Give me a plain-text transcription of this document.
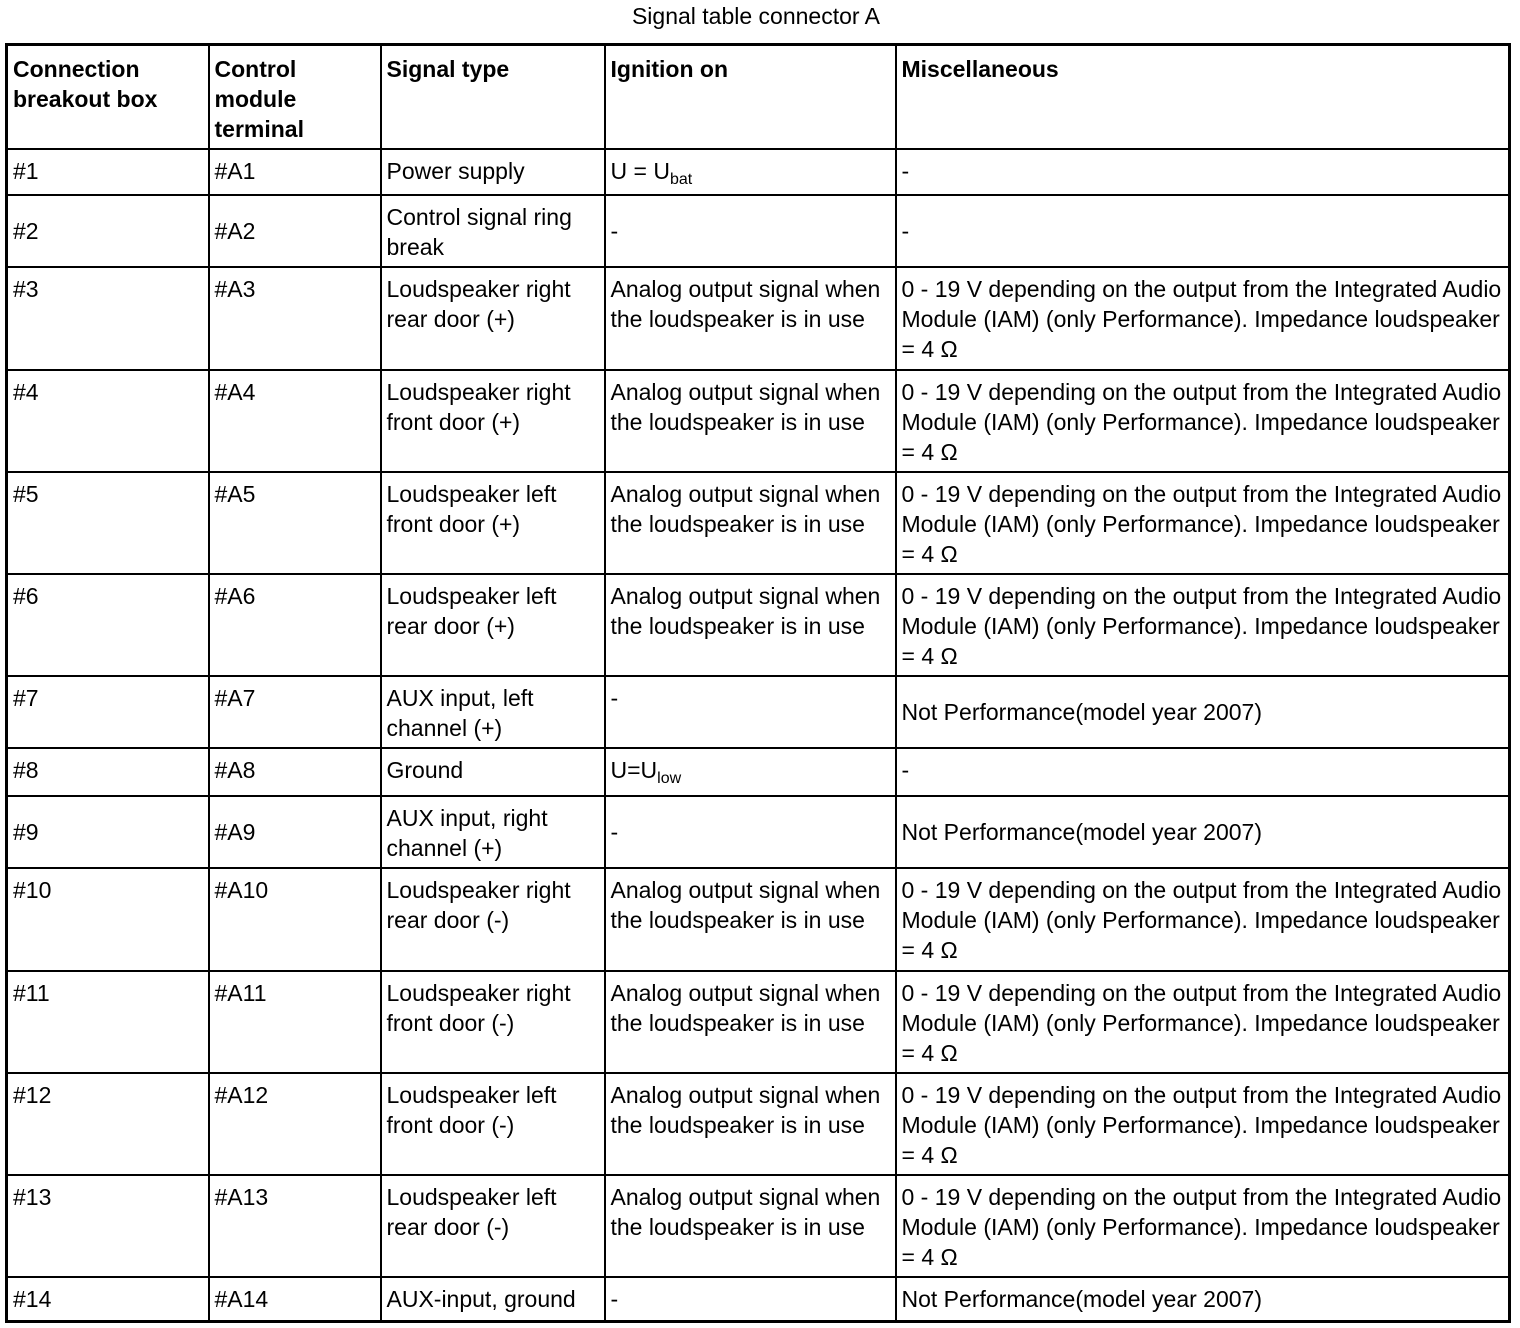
Signal table connector A
Connection breakout box	Control module terminal	Signal type	Ignition on	Miscellaneous
#1	#A1	Power supply	$U = U_{bat}$	-
#2	#A2	Control signal ring break	-	-
#3	#A3	Loudspeaker right rear door (+)	Analog output signal when the loudspeaker is in use	0 - 19 V depending on the output from the Integrated Audio Module (IAM) (only Performance). Impedance loudspeaker = 4 Ω
#4	#A4	Loudspeaker right front door (+)	Analog output signal when the loudspeaker is in use	0 - 19 V depending on the output from the Integrated Audio Module (IAM) (only Performance). Impedance loudspeaker = 4 Ω
#5	#A5	Loudspeaker left front door (+)	Analog output signal when the loudspeaker is in use	0 - 19 V depending on the output from the Integrated Audio Module (IAM) (only Performance). Impedance loudspeaker = 4 Ω
#6	#A6	Loudspeaker left rear door (+)	Analog output signal when the loudspeaker is in use	0 - 19 V depending on the output from the Integrated Audio Module (IAM) (only Performance). Impedance loudspeaker = 4 Ω
#7	#A7	AUX input, left channel (+)	-	Not Performance(model year 2007)
#8	#A8	Ground	$U=U_{low}$	-
#9	#A9	AUX input, right channel (+)	-	Not Performance(model year 2007)
#10	#A10	Loudspeaker right rear door (-)	Analog output signal when the loudspeaker is in use	0 - 19 V depending on the output from the Integrated Audio Module (IAM) (only Performance). Impedance loudspeaker = 4 Ω
#11	#A11	Loudspeaker right front door (-)	Analog output signal when the loudspeaker is in use	0 - 19 V depending on the output from the Integrated Audio Module (IAM) (only Performance). Impedance loudspeaker = 4 Ω
#12	#A12	Loudspeaker left front door (-)	Analog output signal when the loudspeaker is in use	0 - 19 V depending on the output from the Integrated Audio Module (IAM) (only Performance). Impedance loudspeaker = 4 Ω
#13	#A13	Loudspeaker left rear door (-)	Analog output signal when the loudspeaker is in use	0 - 19 V depending on the output from the Integrated Audio Module (IAM) (only Performance). Impedance loudspeaker = 4 Ω
#14	#A14	AUX-input, ground	-	Not Performance(model year 2007)
